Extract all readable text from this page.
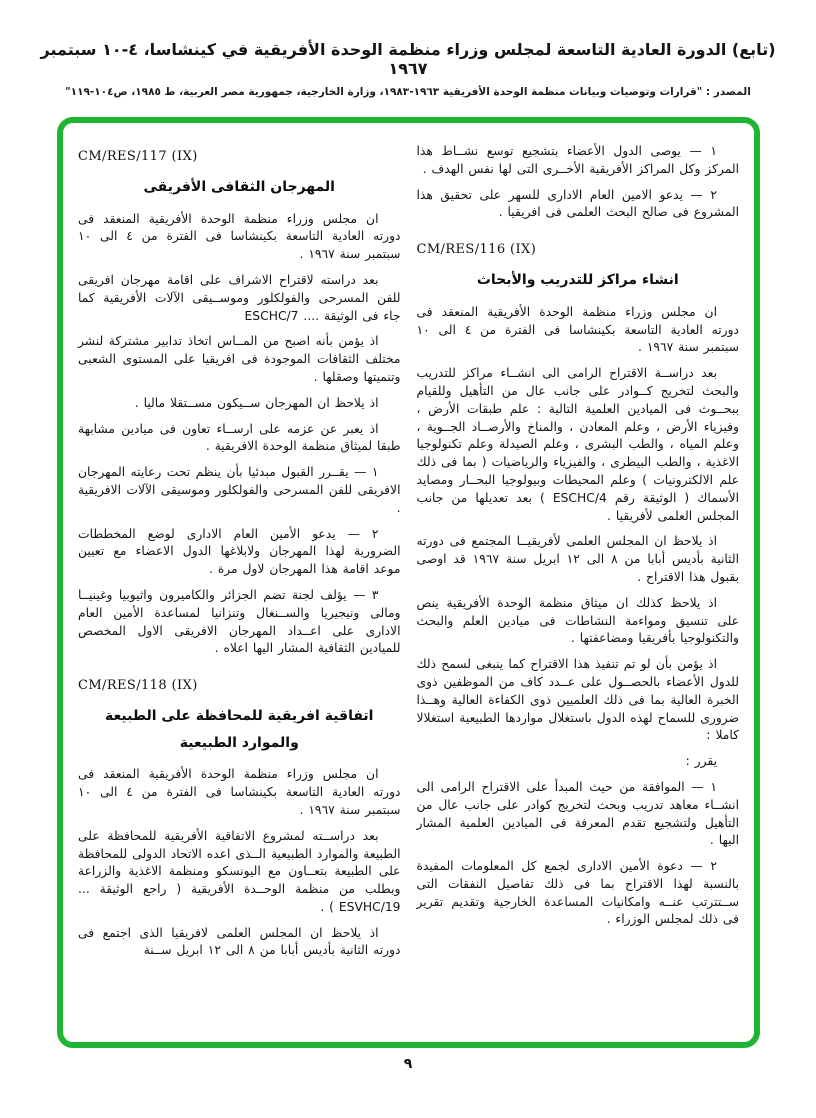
(تابع) الدورة العادية التاسعة لمجلس وزراء منظمة الوحدة الأفريقية في كينشاسا، ٤-١٠ سبتمبر ١٩٦٧
المصدر : "قرارات وتوصيات وبيانات منظمة الوحدة الأفريقية ١٩٦٣-١٩٨٣، وزارة الخارجية، جمهورية مصر العربية، ط ١٩٨٥، ص١٠٤-١١٩"

١ — يوصى الدول الأعضاء بتشجيع توسع نشــاط هذا المركز وكل المراكز الأفريقية الأخــرى التى لها نفس الهدف .

٢ — يدعو الامين العام الادارى للسهر على تحقيق هذا المشروع فى صالح البحث العلمى فى افريقيا .

CM/RES/116 (IX)
انشاء مراكز للتدريب والأبحاث

ان مجلس وزراء منظمة الوحدة الأفريقية المنعقد فى دورته العادية التاسعة بكينشاسا فى الفترة من ٤ الى ١٠ سبتمبر سنة ١٩٦٧ .

بعد دراســة الاقتراح الرامى الى انشــاء مراكز للتدريب والبحث لتخريج كــوادر على جانب عال من التأهيل وللقيام ببحــوث فى الميادين العلمية التالية : علم طبقات الأرض ، وفيزياء الأرض ، وعلم المعادن ، والمناخ والأرصــاد الجــوية ، وعلم المياه ، والطب البشرى ، وعلم الصيدلة وعلم تكنولوجيا الاغذية ، والطب البيطرى ، والفيزياء والرياضيات ( بما فى ذلك علم الالكترونيات ) وعلم المحيطات وبيولوجيا البحــار ومصايد الأسماك ( الوثيقة رقم ESCHC/4 ) بعد تعديلها من جانب المجلس العلمى لأفريقيا .

اذ يلاحظ ان المجلس العلمى لأفريقيــا المجتمع فى دورته الثانية بأديس أبابا من ٨ الى ١٢ ابريل سنة ١٩٦٧ قد اوصى بقبول هذا الاقتراح .

اذ يلاحظ كذلك ان ميثاق منظمة الوحدة الأفريقية ينص على تنسيق ومواءمة النشاطات فى ميادين العلم والبحث والتكنولوجيا بأفريقيا ومضاعفتها .

اذ يؤمن بأن لو تم تنفيذ هذا الاقتراح كما ينبغى لسمح ذلك للدول الأعضاء بالحصــول على عــدد كاف من الموظفين ذوى الخبرة العالية بما فى ذلك العلميين ذوى الكفاءة العالية وهــذا ضرورى للسماح لهذه الدول باستغلال مواردها الطبيعية استغلالا كاملا :

يقرر :

١ — الموافقة من حيث المبدأ على الاقتراح الرامى الى انشــاء معاهد تدريب وبحث لتخريج كوادر على جانب عال من التأهيل ولتشجيع تقدم المعرفة فى الميادين العلمية المشار اليها .

٢ — دعوة الأمين الادارى لجمع كل المعلومات المفيدة بالنسبة لهذا الاقتراح بما فى ذلك تفاصيل النفقات التى ســتترتب عنــه وامكانيات المساعدة الخارجية وتقديم تقرير فى ذلك لمجلس الوزراء .

CM/RES/117 (IX)
المهرجان الثقافى الأفريقى

ان مجلس وزراء منظمة الوحدة الأفريقية المنعقد فى دورته العادية التاسعة بكينشاسا فى الفترة من ٤ الى ١٠ سبتمبر سنة ١٩٦٧ .

بعد دراسته لاقتراح الاشراف على اقامة مهرجان افريقى للفن المسرحى والفولكلور وموســيقى الآلات الأفريقية كما جاء فى الوثيقة .... ESCHC/7

اذ يؤمن بأنه اصبح من المــاس اتخاذ تدابير مشتركة لنشر مختلف الثقافات الموجودة فى افريقيا على المستوى الشعبى وتنميتها وصقلها .

اذ يلاحظ ان المهرجان ســيكون مســتقلا ماليا .

اذ يعبر عن عزمه على ارســاء تعاون فى ميادين مشابهة طبقا لميثاق منظمة الوحدة الافريقية .

١ — يقــرر القبول مبدئيا بأن ينظم تحت رعايته المهرجان الافريقى للفن المسرحى والفولكلور وموسيقى الآلات الافريقية .

٢ — يدعو الأمين العام الادارى لوضع المخططات الضرورية لهذا المهرجان ولابلاغها الدول الاعضاء مع تعيين موعد اقامة هذا المهرجان لاول مرة .

٣ — يؤلف لجنة تضم الجزائر والكاميرون واثيوبيا وغينيــا ومالى ونيجيريا والســنغال وتنزانيا لمساعدة الأمين العام الادارى على اعــداد المهرجان الافريقى الاول المخصص للميادين الثقافية المشار اليها اعلاه .

CM/RES/118 (IX)
اتفاقية افريقية للمحافظة على الطبيعة والموارد الطبيعية

ان مجلس وزراء منظمة الوحدة الأفريقية المنعقد فى دورته العادية التاسعة بكينشاسا فى الفترة من ٤ الى ١٠ سبتمبر سنة ١٩٦٧ .

بعد دراســته لمشروع الاتفاقية الأفريقية للمحافظة على الطبيعة والموارد الطبيعية الــذى اعده الاتحاد الدولى للمحافظة على الطبيعة بتعــاون مع اليونسكو ومنظمة الاغذية والزراعة وبطلب من منظمة الوحــدة الأفريقية ( راجع الوثيقة ... ESVHC/19 ) .

اذ يلاحظ ان المجلس العلمى لافريقيا الذى اجتمع فى دورته الثانية بأديس أبابا من ٨ الى ١٢ ابريل ســنة

٩
